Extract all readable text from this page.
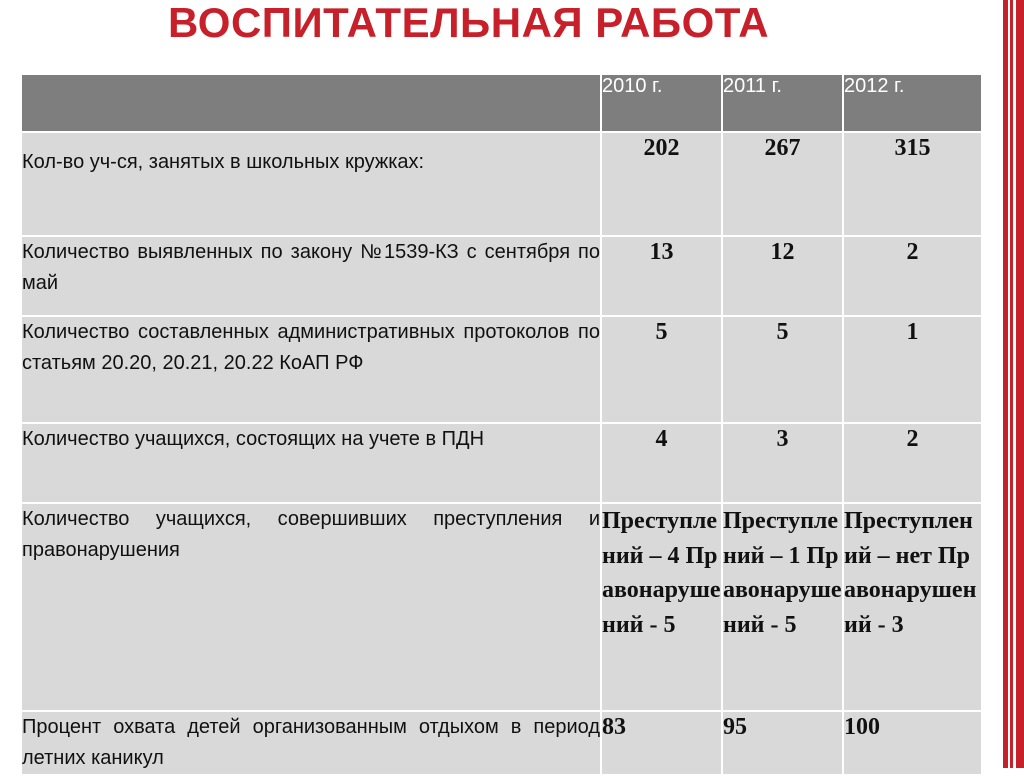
ВОСПИТАТЕЛЬНАЯ РАБОТА
	2010 г.	2011 г.	2012 г.
Кол-во уч-ся, занятых в школьных кружках:	202	267	315
Количество выявленных по закону №1539-КЗ с сентября по май	13	12	2
Количество составленных административных протоколов по статьям 20.20, 20.21, 20.22 КоАП РФ	5	5	1
Количество учащихся, состоящих на учете в ПДН	4	3	2
Количество учащихся, совершивших преступления и правонарушения	Преступлений – 4 Правонарушений - 5	Преступлений – 1 Правонарушений - 5	Преступлений – нет Правонарушений - 3
Процент охвата детей организованным отдыхом в период летних каникул	83	95	100
